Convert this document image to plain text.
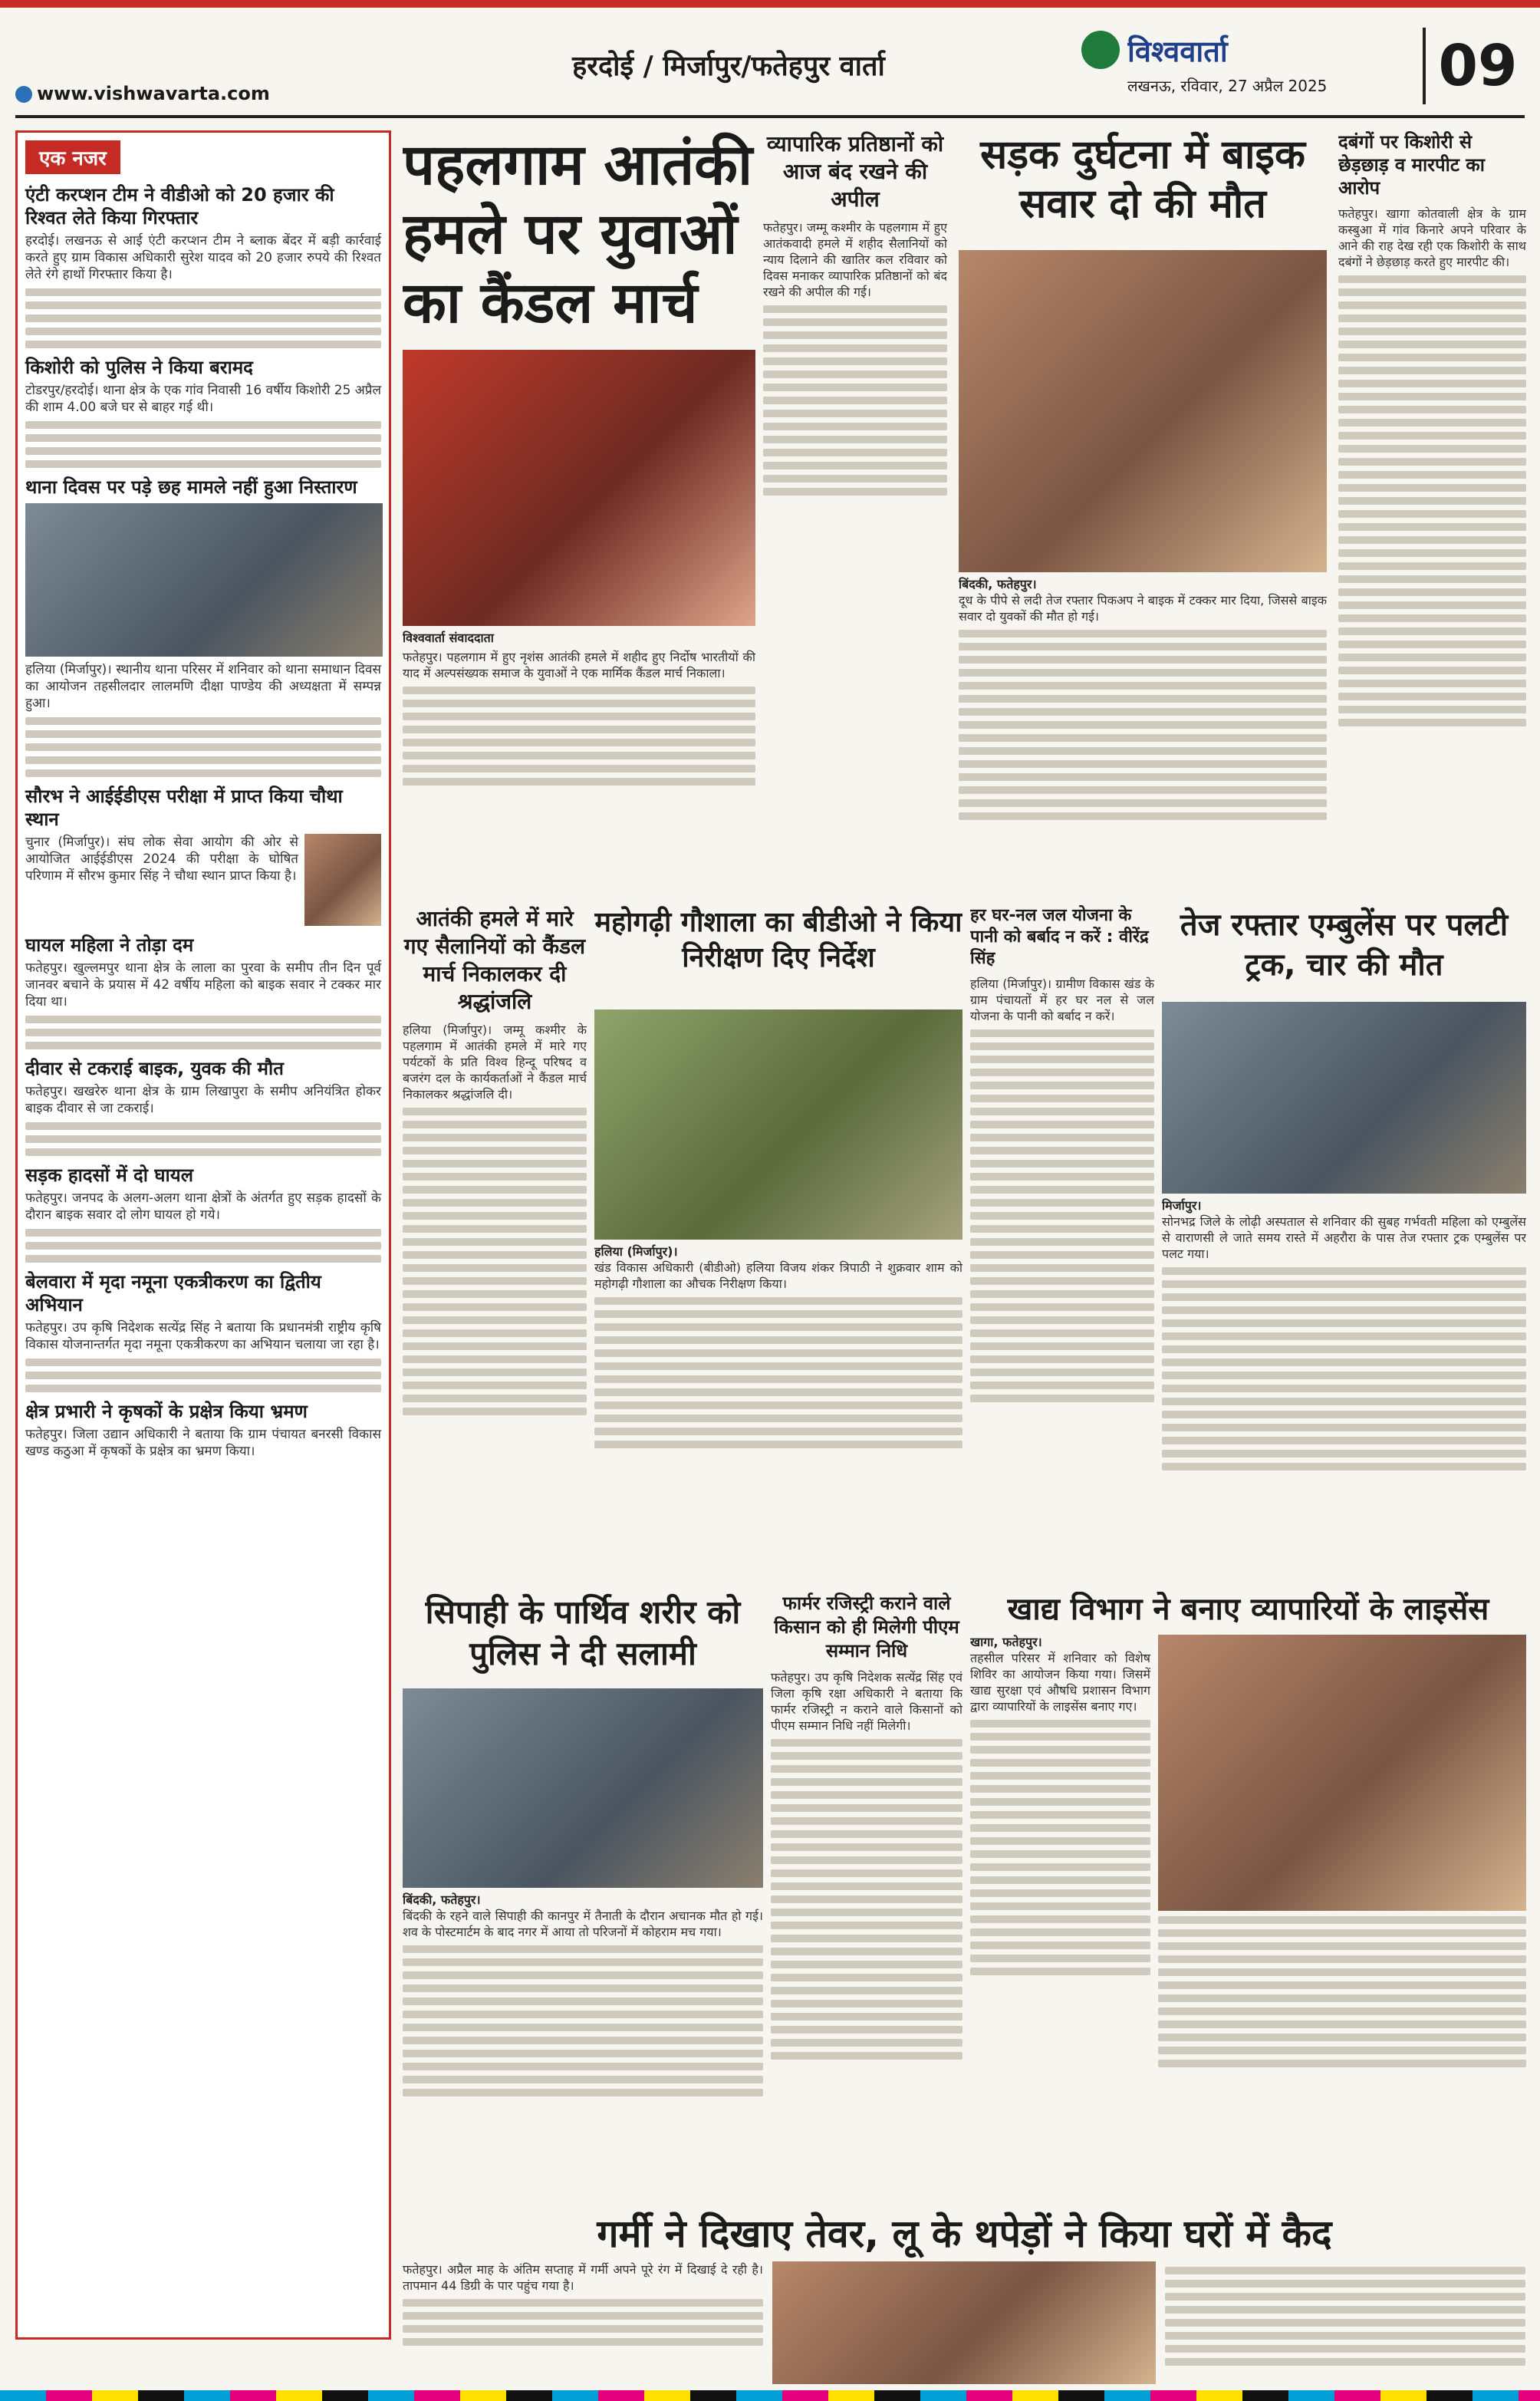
हरदोई / मिर्जापुर/फतेहपुर वार्ता
www.vishwavarta.com
विश्ववार्ता
लखनऊ, रविवार, 27 अप्रैल 2025	09
एक नजर
एंटी करप्शन टीम ने वीडीओ को 20 हजार की रिश्वत लेते किया गिरफ्तार
हरदोई। लखनऊ से आई एंटी करप्शन टीम ने ब्लाक बेंदर में बड़ी कार्रवाई करते हुए ग्राम विकास अधिकारी सुरेश यादव को 20 हजार रुपये की रिश्वत लेते रंगे हाथों गिरफ्तार किया है।
किशोरी को पुलिस ने किया बरामद
टोडरपुर/हरदोई। थाना क्षेत्र के एक गांव निवासी 16 वर्षीय किशोरी 25 अप्रैल की शाम 4.00 बजे घर से बाहर गई थी।
थाना दिवस पर पड़े छह मामले नहीं हुआ निस्तारण
हलिया (मिर्जापुर)। स्थानीय थाना परिसर में शनिवार को थाना समाधान दिवस का आयोजन तहसीलदार लालमणि दीक्षा पाण्डेय की अध्यक्षता में सम्पन्न हुआ।
सौरभ ने आईईडीएस परीक्षा में प्राप्त किया चौथा स्थान
चुनार (मिर्जापुर)। संघ लोक सेवा आयोग की ओर से आयोजित आईईडीएस 2024 की परीक्षा के घोषित परिणाम में सौरभ कुमार सिंह ने चौथा स्थान प्राप्त किया है।
घायल महिला ने तोड़ा दम
फतेहपुर। खुल्लमपुर थाना क्षेत्र के लाला का पुरवा के समीप तीन दिन पूर्व जानवर बचाने के प्रयास में 42 वर्षीय महिला को बाइक सवार ने टक्कर मार दिया था।
दीवार से टकराई बाइक, युवक की मौत
फतेहपुर। खखरेरु थाना क्षेत्र के ग्राम लिखापुरा के समीप अनियंत्रित होकर बाइक दीवार से जा टकराई।
सड़क हादसों में दो घायल
फतेहपुर। जनपद के अलग-अलग थाना क्षेत्रों के अंतर्गत हुए सड़क हादसों के दौरान बाइक सवार दो लोग घायल हो गये।
बेलवारा में मृदा नमूना एकत्रीकरण का द्वितीय अभियान
फतेहपुर। उप कृषि निदेशक सत्येंद्र सिंह ने बताया कि प्रधानमंत्री राष्ट्रीय कृषि विकास योजनान्तर्गत मृदा नमूना एकत्रीकरण का अभियान चलाया जा रहा है।
क्षेत्र प्रभारी ने कृषकों के प्रक्षेत्र किया भ्रमण
फतेहपुर। जिला उद्यान अधिकारी ने बताया कि ग्राम पंचायत बनरसी विकास खण्ड कठुआ में कृषकों के प्रक्षेत्र का भ्रमण किया।
पहलगाम आतंकी हमले पर युवाओं का कैंडल मार्च
विश्ववार्ता संवाददाता
फतेहपुर। पहलगाम में हुए नृशंस आतंकी हमले में शहीद हुए निर्दोष भारतीयों की याद में अल्पसंख्यक समाज के युवाओं ने एक मार्मिक कैंडल मार्च निकाला।
व्यापारिक प्रतिष्ठानों को आज बंद रखने की अपील
फतेहपुर। जम्मू कश्मीर के पहलगाम में हुए आतंकवादी हमले में शहीद सैलानियों को न्याय दिलाने की खातिर कल रविवार को दिवस मनाकर व्यापारिक प्रतिष्ठानों को बंद रखने की अपील की गई।
सड़क दुर्घटना में बाइक सवार दो की मौत
बिंदकी, फतेहपुर।
दूध के पीपे से लदी तेज रफ्तार पिकअप ने बाइक में टक्कर मार दिया, जिससे बाइक सवार दो युवकों की मौत हो गई।
दबंगों पर किशोरी से छेड़छाड़ व मारपीट का आरोप
फतेहपुर। खागा कोतवाली क्षेत्र के ग्राम कस्बुआ में गांव किनारे अपने परिवार के आने की राह देख रही एक किशोरी के साथ दबंगों ने छेड़छाड़ करते हुए मारपीट की।
आतंकी हमले में मारे गए सैलानियों को कैंडल मार्च निकालकर दी श्रद्धांजलि
हलिया (मिर्जापुर)। जम्मू कश्मीर के पहलगाम में आतंकी हमले में मारे गए पर्यटकों के प्रति विश्व हिन्दू परिषद व बजरंग दल के कार्यकर्ताओं ने कैंडल मार्च निकालकर श्रद्धांजलि दी।
महोगढ़ी गौशाला का बीडीओ ने किया निरीक्षण दिए निर्देश
हलिया (मिर्जापुर)।
खंड विकास अधिकारी (बीडीओ) हलिया विजय शंकर त्रिपाठी ने शुक्रवार शाम को महोगढ़ी गौशाला का औचक निरीक्षण किया।
हर घर-नल जल योजना के पानी को बर्बाद न करें : वीरेंद्र सिंह
हलिया (मिर्जापुर)। ग्रामीण विकास खंड के ग्राम पंचायतों में हर घर नल से जल योजना के पानी को बर्बाद न करें।
तेज रफ्तार एम्बुलेंस पर पलटी ट्रक, चार की मौत
मिर्जापुर।
सोनभद्र जिले के लोढ़ी अस्पताल से शनिवार की सुबह गर्भवती महिला को एम्बुलेंस से वाराणसी ले जाते समय रास्ते में अहरौरा के पास तेज रफ्तार ट्रक एम्बुलेंस पर पलट गया।
सिपाही के पार्थिव शरीर को पुलिस ने दी सलामी
बिंदकी, फतेहपुर।
बिंदकी के रहने वाले सिपाही की कानपुर में तैनाती के दौरान अचानक मौत हो गई। शव के पोस्टमार्टम के बाद नगर में आया तो परिजनों में कोहराम मच गया।
फार्मर रजिस्ट्री कराने वाले किसान को ही मिलेगी पीएम सम्मान निधि
फतेहपुर। उप कृषि निदेशक सत्येंद्र सिंह एवं जिला कृषि रक्षा अधिकारी ने बताया कि फार्मर रजिस्ट्री न कराने वाले किसानों को पीएम सम्मान निधि नहीं मिलेगी।
खाद्य विभाग ने बनाए व्यापारियों के लाइसेंस
खागा, फतेहपुर।
तहसील परिसर में शनिवार को विशेष शिविर का आयोजन किया गया। जिसमें खाद्य सुरक्षा एवं औषधि प्रशासन विभाग द्वारा व्यापारियों के लाइसेंस बनाए गए।
गर्मी ने दिखाए तेवर, लू के थपेड़ों ने किया घरों में कैद
फतेहपुर। अप्रैल माह के अंतिम सप्ताह में गर्मी अपने पूरे रंग में दिखाई दे रही है। तापमान 44 डिग्री के पार पहुंच गया है।
